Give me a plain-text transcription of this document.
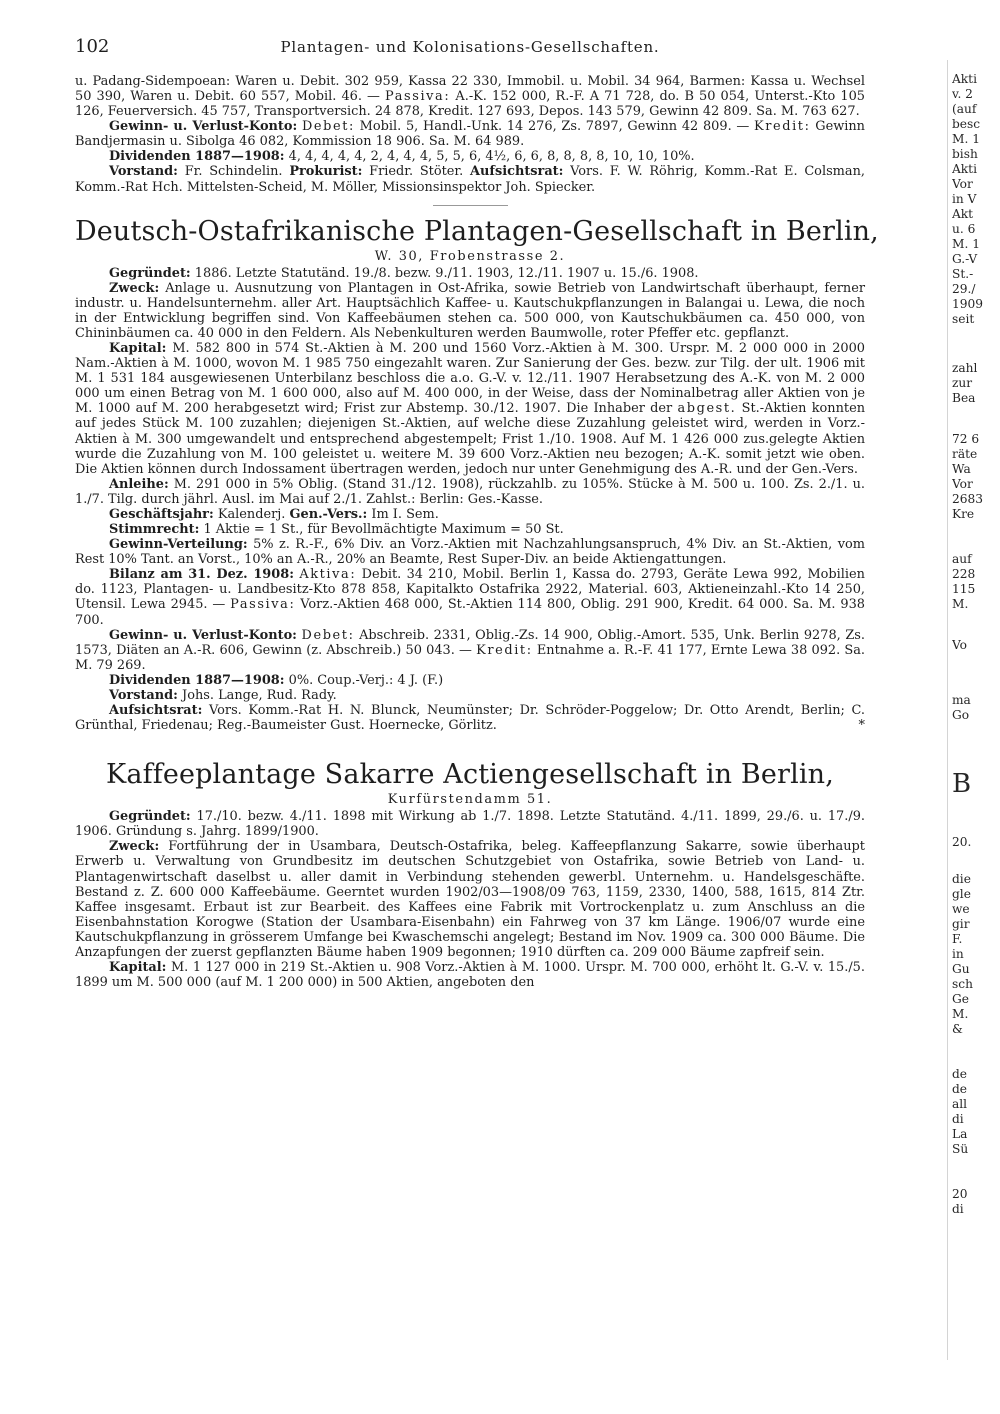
102	Plantagen- und Kolonisations-Gesellschaften.

u. Padang-Sidempoean: Waren u. Debit. 302 959, Kassa 22 330, Immobil. u. Mobil. 34 964, Barmen: Kassa u. Wechsel 50 390, Waren u. Debit. 60 557, Mobil. 46. — Passiva: A.-K. 152 000, R.-F. A 71 728, do. B 50 054, Unterst.-Kto 105 126, Feuerversich. 45 757, Transportversich. 24 878, Kredit. 127 693, Depos. 143 579, Gewinn 42 809. Sa. M. 763 627.

Gewinn- u. Verlust-Konto: Debet: Mobil. 5, Handl.-Unk. 14 276, Zs. 7897, Gewinn 42 809. — Kredit: Gewinn Bandjermasin u. Sibolga 46 082, Kommission 18 906. Sa. M. 64 989.

Dividenden 1887—1908: 4, 4, 4, 4, 4, 2, 4, 4, 4, 5, 5, 6, 4½, 6, 6, 8, 8, 8, 8, 10, 10, 10%.

Vorstand: Fr. Schindelin. Prokurist: Friedr. Stöter. Aufsichtsrat: Vors. F. W. Röhrig, Komm.-Rat E. Colsman, Komm.-Rat Hch. Mittelsten-Scheid, M. Möller, Missionsinspektor Joh. Spiecker.

Deutsch-Ostafrikanische Plantagen-Gesellschaft in Berlin,
W. 30, Frobenstrasse 2.

Gegründet: 1886. Letzte Statutänd. 19./8. bezw. 9./11. 1903, 12./11. 1907 u. 15./6. 1908.

Zweck: Anlage u. Ausnutzung von Plantagen in Ost-Afrika, sowie Betrieb von Landwirtschaft überhaupt, ferner industr. u. Handelsunternehm. aller Art. Hauptsächlich Kaffee- u. Kautschukpflanzungen in Balangai u. Lewa, die noch in der Entwicklung begriffen sind. Von Kaffeebäumen stehen ca. 500 000, von Kautschukbäumen ca. 450 000, von Chininbäumen ca. 40 000 in den Feldern. Als Nebenkulturen werden Baumwolle, roter Pfeffer etc. gepflanzt.

Kapital: M. 582 800 in 574 St.-Aktien à M. 200 und 1560 Vorz.-Aktien à M. 300. Urspr. M. 2 000 000 in 2000 Nam.-Aktien à M. 1000, wovon M. 1 985 750 eingezahlt waren. Zur Sanierung der Ges. bezw. zur Tilg. der ult. 1906 mit M. 1 531 184 ausgewiesenen Unterbilanz beschloss die a.o. G.-V. v. 12./11. 1907 Herabsetzung des A.-K. von M. 2 000 000 um einen Betrag von M. 1 600 000, also auf M. 400 000, in der Weise, dass der Nominalbetrag aller Aktien von je M. 1000 auf M. 200 herabgesetzt wird; Frist zur Abstemp. 30./12. 1907. Die Inhaber der abgest. St.-Aktien konnten auf jedes Stück M. 100 zuzahlen; diejenigen St.-Aktien, auf welche diese Zuzahlung geleistet wird, werden in Vorz.-Aktien à M. 300 umgewandelt und entsprechend abgestempelt; Frist 1./10. 1908. Auf M. 1 426 000 zus.gelegte Aktien wurde die Zuzahlung von M. 100 geleistet u. weitere M. 39 600 Vorz.-Aktien neu bezogen; A.-K. somit jetzt wie oben. Die Aktien können durch Indossament übertragen werden, jedoch nur unter Genehmigung des A.-R. und der Gen.-Vers.

Anleihe: M. 291 000 in 5% Oblig. (Stand 31./12. 1908), rückzahlb. zu 105%. Stücke à M. 500 u. 100. Zs. 2./1. u. 1./7. Tilg. durch jährl. Ausl. im Mai auf 2./1. Zahlst.: Berlin: Ges.-Kasse.

Geschäftsjahr: Kalenderj. Gen.-Vers.: Im I. Sem.

Stimmrecht: 1 Aktie = 1 St., für Bevollmächtigte Maximum = 50 St.

Gewinn-Verteilung: 5% z. R.-F., 6% Div. an Vorz.-Aktien mit Nachzahlungsanspruch, 4% Div. an St.-Aktien, vom Rest 10% Tant. an Vorst., 10% an A.-R., 20% an Beamte, Rest Super-Div. an beide Aktiengattungen.

Bilanz am 31. Dez. 1908: Aktiva: Debit. 34 210, Mobil. Berlin 1, Kassa do. 2793, Geräte Lewa 992, Mobilien do. 1123, Plantagen- u. Landbesitz-Kto 878 858, Kapitalkto Ostafrika 2922, Material. 603, Aktieneinzahl.-Kto 14 250, Utensil. Lewa 2945. — Passiva: Vorz.-Aktien 468 000, St.-Aktien 114 800, Oblig. 291 900, Kredit. 64 000. Sa. M. 938 700.

Gewinn- u. Verlust-Konto: Debet: Abschreib. 2331, Oblig.-Zs. 14 900, Oblig.-Amort. 535, Unk. Berlin 9278, Zs. 1573, Diäten an A.-R. 606, Gewinn (z. Abschreib.) 50 043. — Kredit: Entnahme a. R.-F. 41 177, Ernte Lewa 38 092. Sa. M. 79 269.

Dividenden 1887—1908: 0%. Coup.-Verj.: 4 J. (F.)

Vorstand: Johs. Lange, Rud. Rady.

Aufsichtsrat: Vors. Komm.-Rat H. N. Blunck, Neumünster; Dr. Schröder-Poggelow; Dr. Otto Arendt, Berlin; C. Grünthal, Friedenau; Reg.-Baumeister Gust. Hoernecke, Görlitz.	*

Kaffeeplantage Sakarre Actiengesellschaft in Berlin,
Kurfürstendamm 51.

Gegründet: 17./10. bezw. 4./11. 1898 mit Wirkung ab 1./7. 1898. Letzte Statutänd. 4./11. 1899, 29./6. u. 17./9. 1906. Gründung s. Jahrg. 1899/1900.

Zweck: Fortführung der in Usambara, Deutsch-Ostafrika, beleg. Kaffeepflanzung Sakarre, sowie überhaupt Erwerb u. Verwaltung von Grundbesitz im deutschen Schutzgebiet von Ostafrika, sowie Betrieb von Land- u. Plantagenwirtschaft daselbst u. aller damit in Verbindung stehenden gewerbl. Unternehm. u. Handelsgeschäfte. Bestand z. Z. 600 000 Kaffeebäume. Geerntet wurden 1902/03—1908/09 763, 1159, 2330, 1400, 588, 1615, 814 Ztr. Kaffee insgesamt. Erbaut ist zur Bearbeit. des Kaffees eine Fabrik mit Vortrockenplatz u. zum Anschluss an die Eisenbahnstation Korogwe (Station der Usambara-Eisenbahn) ein Fahrweg von 37 km Länge. 1906/07 wurde eine Kautschukpflanzung in grösserem Umfange bei Kwaschemschi angelegt; Bestand im Nov. 1909 ca. 300 000 Bäume. Die Anzapfungen der zuerst gepflanzten Bäume haben 1909 begonnen; 1910 dürften ca. 209 000 Bäume zapfreif sein.

Kapital: M. 1 127 000 in 219 St.-Aktien u. 908 Vorz.-Aktien à M. 1000. Urspr. M. 700 000, erhöht lt. G.-V. v. 15./5. 1899 um M. 500 000 (auf M. 1 200 000) in 500 Aktien, angeboten den

Akti
v. 2
(auf
besc
M. 1
bish
Akti
Vor
in V
Akt
u. 6
M. 1
G.-V
St.-
29./
1909
seit
zahl
zur
Bea
72 6
räte
Wa
Vor
2683
Kre
auf
228
115
M.
Vo
ma
Go
B
20.
die
gle
we
gir
F.
in
Gu
sch
Ge
M.
&
de
de
all
di
La
Sü
20
di
